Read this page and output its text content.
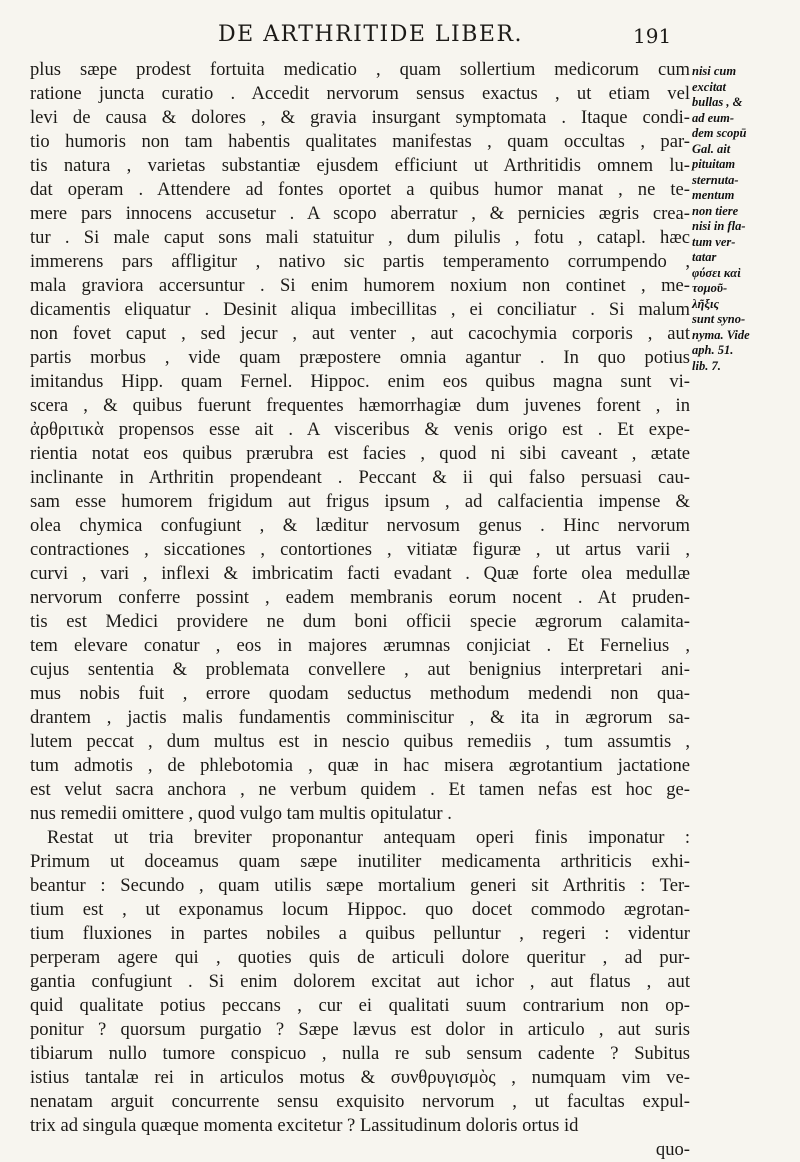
DE ARTHRITIDE LIBER.	191
plus sæpe prodest fortuita medicatio , quam sollertium medicorum cum
ratione juncta curatio . Accedit nervorum sensus exactus , ut etiam vel
levi de causa & dolores , & gravia insurgant symptomata . Itaque condi-
tio humoris non tam habentis qualitates manifestas , quam occultas , par-
tis natura , varietas substantiæ ejusdem efficiunt ut Arthritidis omnem lu-
dat operam . Attendere ad fontes oportet a quibus humor manat , ne te-
mere pars innocens accusetur . A scopo aberratur , & pernicies ægris crea-
tur . Si male caput sons mali statuitur , dum pilulis , fotu , catapl. hæc
immerens pars affligitur , nativo sic partis temperamento corrumpendo ,
mala graviora accersuntur . Si enim humorem noxium non continet , me-
dicamentis eliquatur . Desinit aliqua imbecillitas , ei conciliatur . Si malum
non fovet caput , sed jecur , aut venter , aut cacochymia corporis , aut
partis morbus , vide quam præpostere omnia agantur . In quo potius
imitandus Hipp. quam Fernel. Hippoc. enim eos quibus magna sunt vi-
scera , & quibus fuerunt frequentes hæmorrhagiæ dum juvenes forent , in
ἀρθριτικὰ propensos esse ait . A visceribus & venis origo est . Et expe-
rientia notat eos quibus prærubra est facies , quod ni sibi caveant , ætate
inclinante in Arthritin propendeant . Peccant & ii qui falso persuasi cau-
sam esse humorem frigidum aut frigus ipsum , ad calfacientia impense &
olea chymica confugiunt , & læditur nervosum genus . Hinc nervorum
contractiones , siccationes , contortiones , vitiatæ figuræ , ut artus varii ,
curvi , vari , inflexi & imbricatim facti evadant . Quæ forte olea medullæ
nervorum conferre possint , eadem membranis eorum nocent . At pruden-
tis est Medici providere ne dum boni officii specie ægrorum calamita-
tem elevare conatur , eos in majores ærumnas conjiciat . Et Fernelius ,
cujus sententia & problemata convellere , aut benignius interpretari ani-
mus nobis fuit , errore quodam seductus methodum medendi non qua-
drantem , jactis malis fundamentis comminiscitur , & ita in ægrorum sa-
lutem peccat , dum multus est in nescio quibus remediis , tum assumtis ,
tum admotis , de phlebotomia , quæ in hac misera ægrotantium jactatione
est velut sacra anchora , ne verbum quidem . Et tamen nefas est hoc ge-
nus remedii omittere , quod vulgo tam multis opitulatur .
Restat ut tria breviter proponantur antequam operi finis imponatur :
Primum ut doceamus quam sæpe inutiliter medicamenta arthriticis exhi-
beantur : Secundo , quam utilis sæpe mortalium generi sit Arthritis : Ter-
tium est , ut exponamus locum Hippoc. quo docet commodo ægrotan-
tium fluxiones in partes nobiles a quibus pelluntur , regeri : videntur
perperam agere qui , quoties quis de articuli dolore queritur , ad pur-
gantia confugiunt . Si enim dolorem excitat aut ichor , aut flatus , aut
quid qualitate potius peccans , cur ei qualitati suum contrarium non op-
ponitur ? quorsum purgatio ? Sæpe lævus est dolor in articulo , aut suris
tibiarum nullo tumore conspicuo , nulla re sub sensum cadente ? Subitus
istius tantalæ rei in articulos motus & συνθρυγισμὸς , numquam vim ve-
nenatam arguit concurrente sensu exquisito nervorum , ut facultas expul-
trix ad singula quæque momenta excitetur ? Lassitudinum doloris ortus id
quo-
nisi cum
excitat
bullas , &
ad eum-
dem scopū
Gal. ait
pituitam
sternuta-
mentum
non tiere
nisi in fla-
tum ver-
tatar
φύσει καὶ
τομοῦ-
λῆξις
sunt syno-
nyma. Vide
aph. 51.
lib. 7.
